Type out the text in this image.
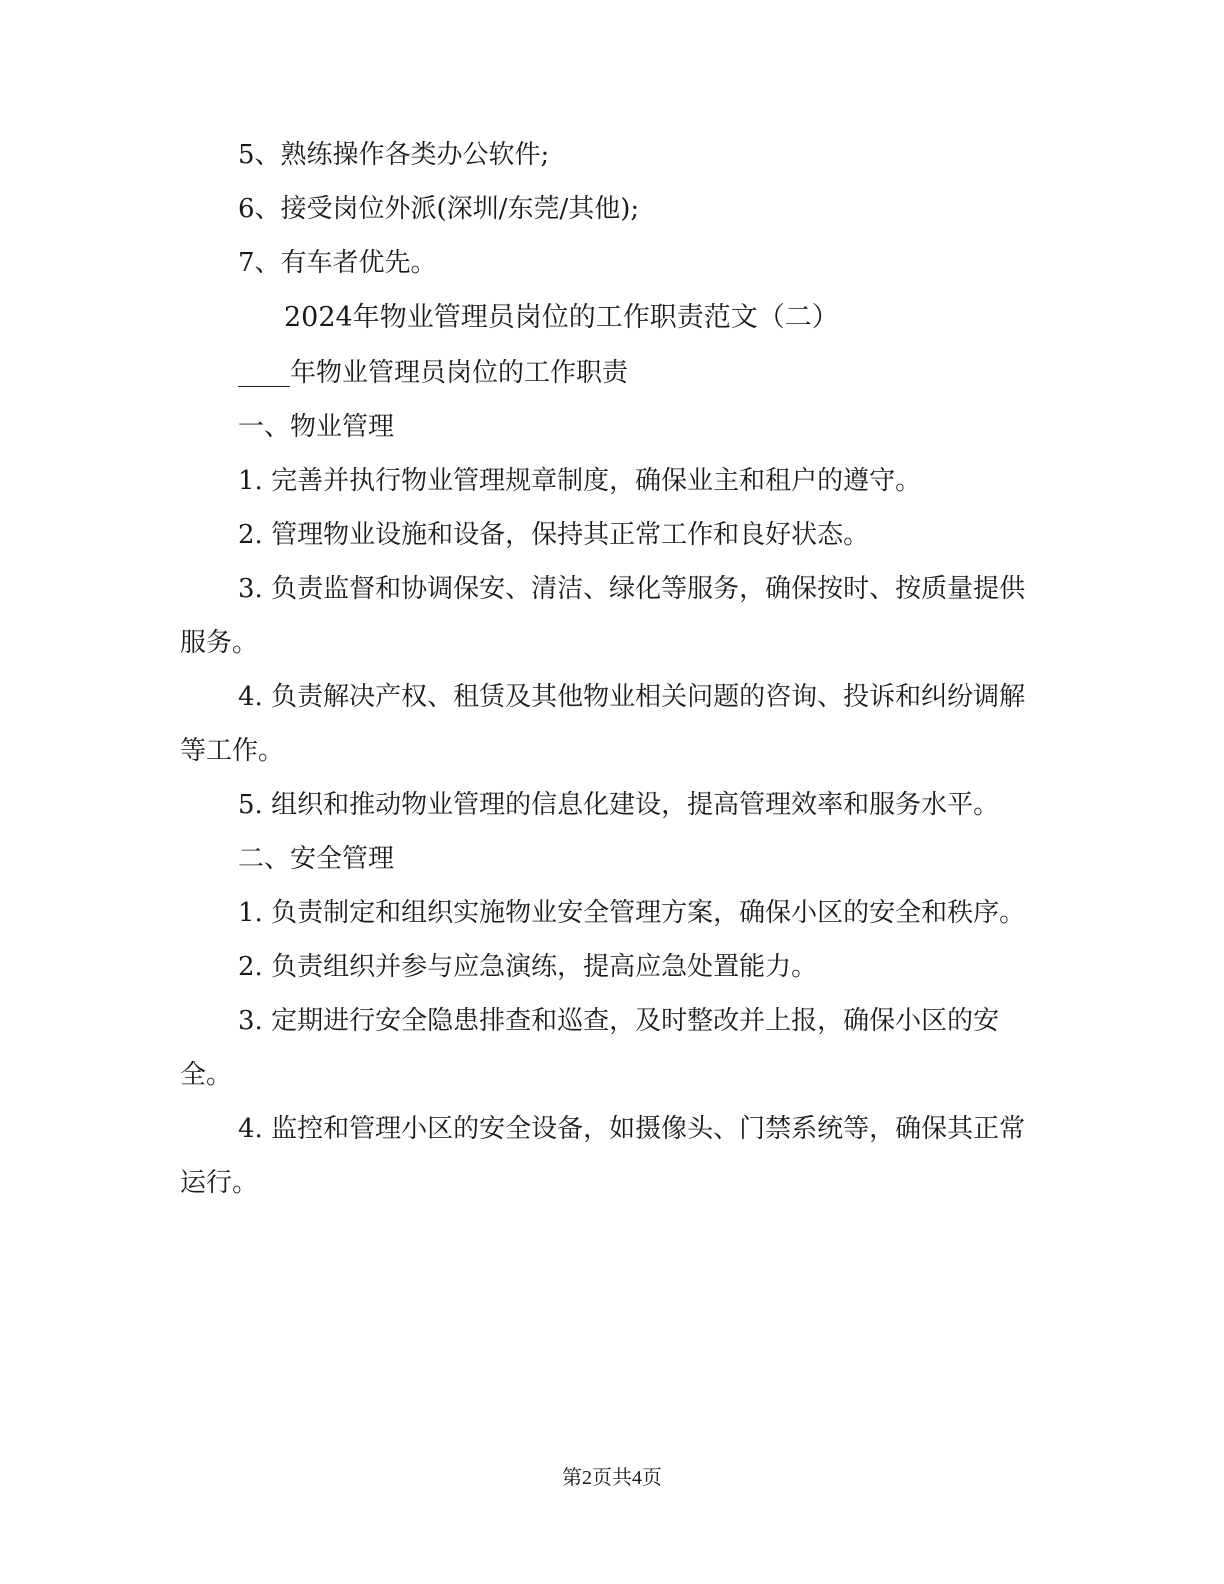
5、熟练操作各类办公软件;

6、接受岗位外派(深圳/东莞/其他);

7、有车者优先。

2024年物业管理员岗位的工作职责范文（二）

____年物业管理员岗位的工作职责

一、物业管理

1. 完善并执行物业管理规章制度，确保业主和租户的遵守。

2. 管理物业设施和设备，保持其正常工作和良好状态。

3. 负责监督和协调保安、清洁、绿化等服务，确保按时、按质量提供服务。

4. 负责解决产权、租赁及其他物业相关问题的咨询、投诉和纠纷调解等工作。

5. 组织和推动物业管理的信息化建设，提高管理效率和服务水平。

二、安全管理

1. 负责制定和组织实施物业安全管理方案，确保小区的安全和秩序。

2. 负责组织并参与应急演练，提高应急处置能力。

3. 定期进行安全隐患排查和巡查，及时整改并上报，确保小区的安全。

4. 监控和管理小区的安全设备，如摄像头、门禁系统等，确保其正常运行。

第2页共4页
